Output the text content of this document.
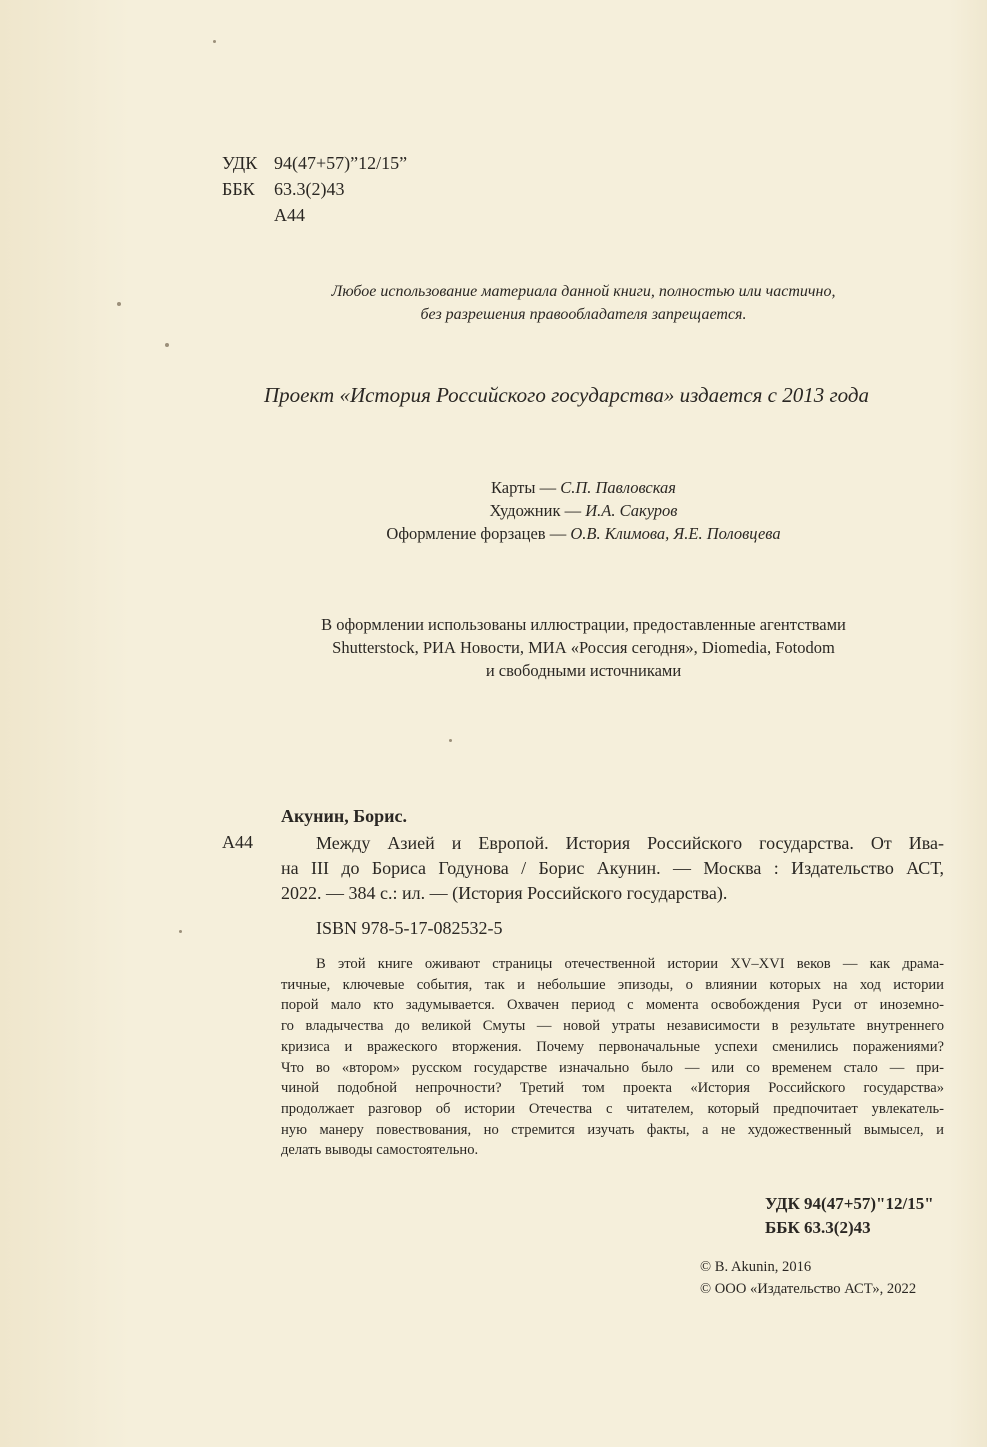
УДК 94(47+57)”12/15”
ББК	63.3(2)43
А44
Любое использование материала данной книги, полностью или частично,
без разрешения правообладателя запрещается.
Проект «История Российского государства» издается с 2013 года
Карты — С.П. Павловская
Художник — И.А. Сакуров
Оформление форзацев — О.В. Климова, Я.Е. Половцева
В оформлении использованы иллюстрации, предоставленные агентствами
Shutterstock, РИА Новости, МИА «Россия сегодня», Diomedia, Fotodom
и свободными источниками
Акунин, Борис.
А44	Между Азией и Европой. История Российского государства. От Ива-
на III до Бориса Годунова / Борис Акунин. — Москва : Издательство АСТ,
2022. — 384 с.: ил. — (История Российского государства).
ISBN 978-5-17-082532-5
В этой книге оживают страницы отечественной истории XV–XVI веков — как драма-
тичные, ключевые события, так и небольшие эпизоды, о влиянии которых на ход истории
порой мало кто задумывается. Охвачен период с момента освобождения Руси от иноземно-
го владычества до великой Смуты — новой утраты независимости в результате внутреннего
кризиса и вражеского вторжения. Почему первоначальные успехи сменились поражениями?
Что во «втором» русском государстве изначально было — или со временем стало — при-
чиной подобной непрочности? Третий том проекта «История Российского государства»
продолжает разговор об истории Отечества с читателем, который предпочитает увлекатель-
ную манеру повествования, но стремится изучать факты, а не художественный вымысел, и
делать выводы самостоятельно.
УДК 94(47+57)"12/15"
ББК 63.3(2)43
© B. Akunin, 2016
© ООО «Издательство АСТ», 2022
